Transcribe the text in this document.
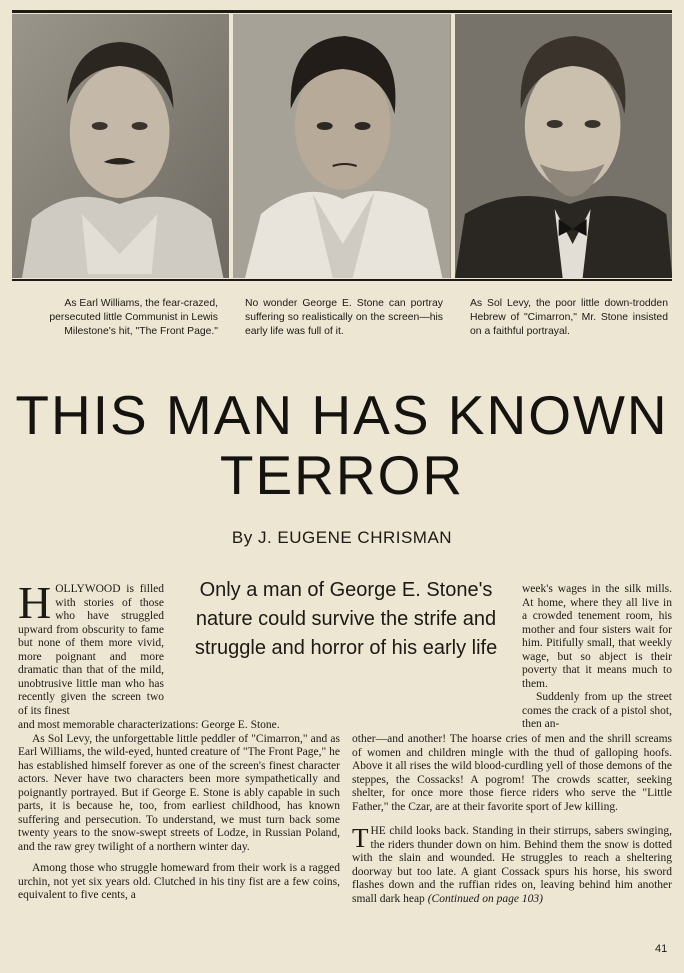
As Earl Williams, the fear-crazed, persecuted little Communist in Lewis Milestone's hit, "The Front Page."
No wonder George E. Stone can portray suffering so realistically on the screen—his early life was full of it.
As Sol Levy, the poor little down-trodden Hebrew of "Cimarron," Mr. Stone insisted on a faithful portrayal.
THIS MAN HAS KNOWN
TERROR
By J. EUGENE CHRISMAN

HOLLYWOOD is filled with stories of those who have struggled upward from obscurity to fame but none of them more vivid, more poignant and more dramatic than that of the mild, unobtrusive little man who has recently given the screen two of its finest

Only a man of George E. Stone's nature could survive the strife and struggle and horror of his early life

week's wages in the silk mills. At home, where they all live in a crowded tenement room, his mother and four sisters wait for him. Pitifully small, that weekly wage, but so abject is their poverty that it means much to them.

Suddenly from up the street comes the crack of a pistol shot, then an-

and most memorable characterizations: George E. Stone.

As Sol Levy, the unforgettable little peddler of "Cimarron," and as Earl Williams, the wild-eyed, hunted creature of "The Front Page," he has established himself forever as one of the screen's finest character actors. Never have two characters been more sympathetically and poignantly portrayed. But if George E. Stone is ably capable in such parts, it is because he, too, from earliest childhood, has known suffering and persecution. To understand, we must turn back some twenty years to the snow-swept streets of Lodze, in Russian Poland, and the raw grey twilight of a northern winter day.

Among those who struggle homeward from their work is a ragged urchin, not yet six years old. Clutched in his tiny fist are a few coins, equivalent to five cents, a

other—and another! The hoarse cries of men and the shrill screams of women and children mingle with the thud of galloping hoofs. Above it all rises the wild blood-curdling yell of those demons of the steppes, the Cossacks! A pogrom! The crowds scatter, seeking shelter, for once more those fierce riders who serve the "Little Father," the Czar, are at their favorite sport of Jew killing.

THE child looks back. Standing in their stirrups, sabers swinging, the riders thunder down on him. Behind them the snow is dotted with the slain and wounded. He struggles to reach a sheltering doorway but too late. A giant Cossack spurs his horse, his sword flashes down and the ruffian rides on, leaving behind him another small dark heap (Continued on page 103)

41
